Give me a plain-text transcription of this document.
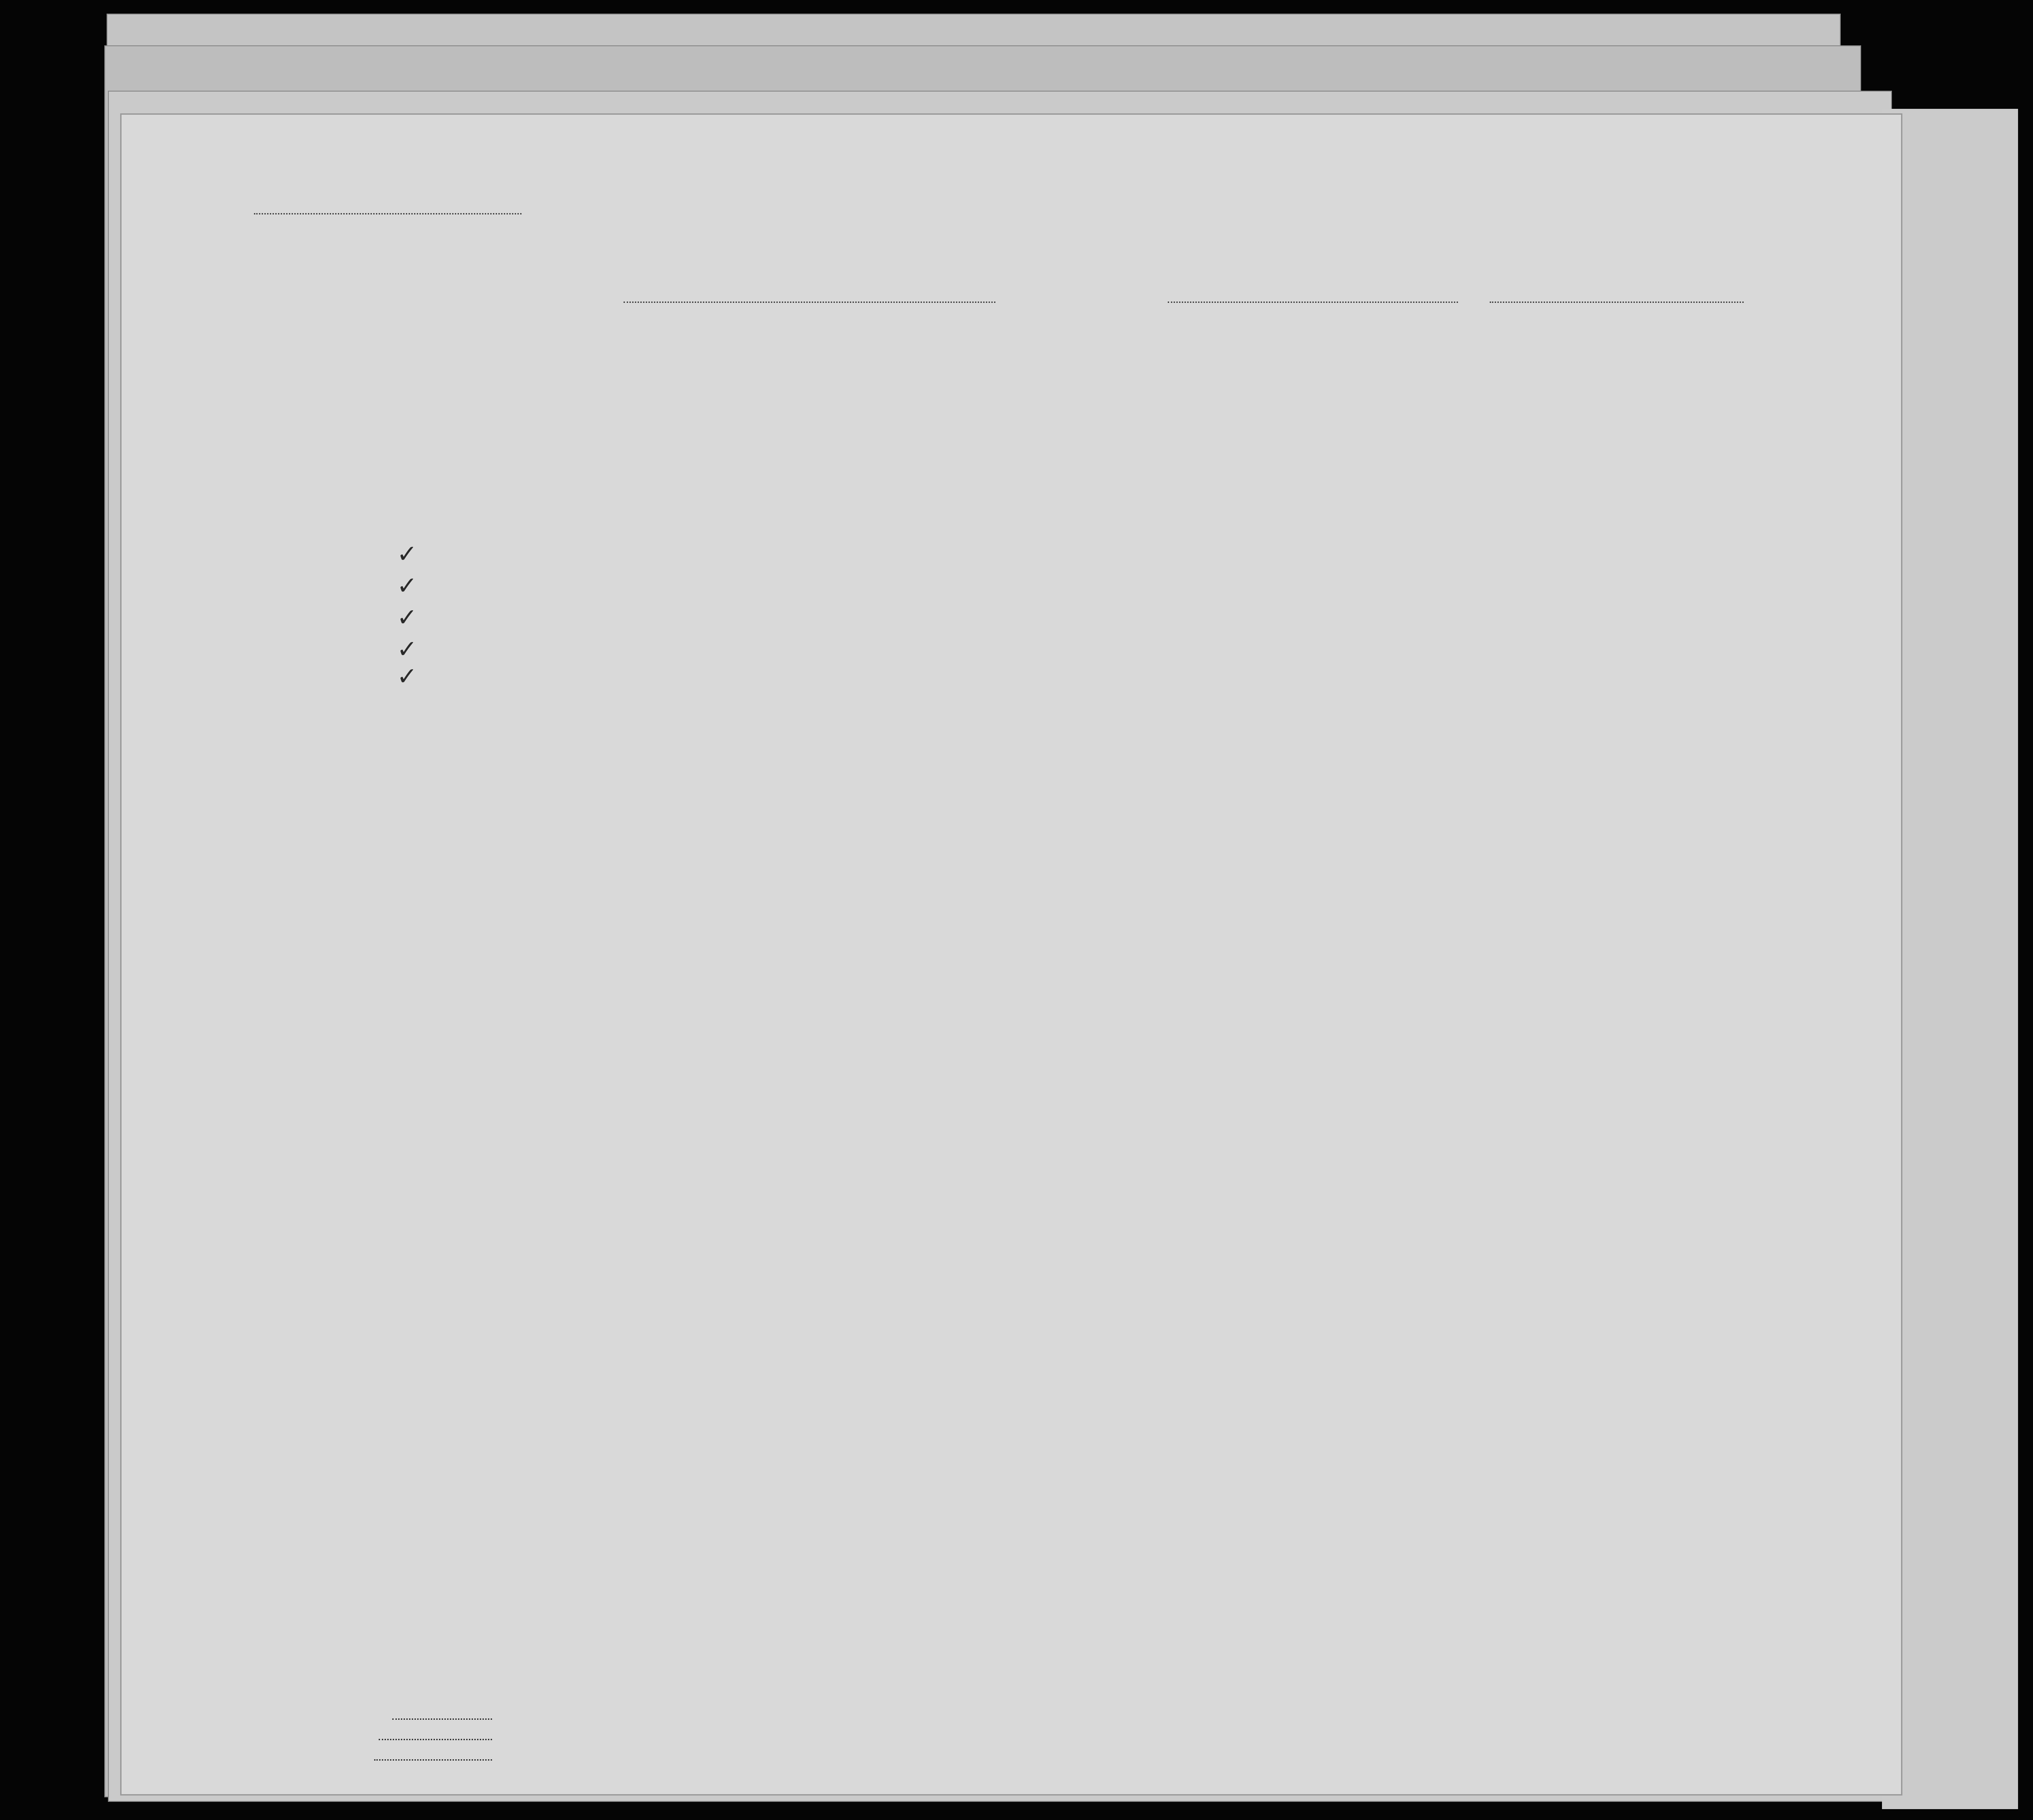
✓
✓
✓
✓
✓
